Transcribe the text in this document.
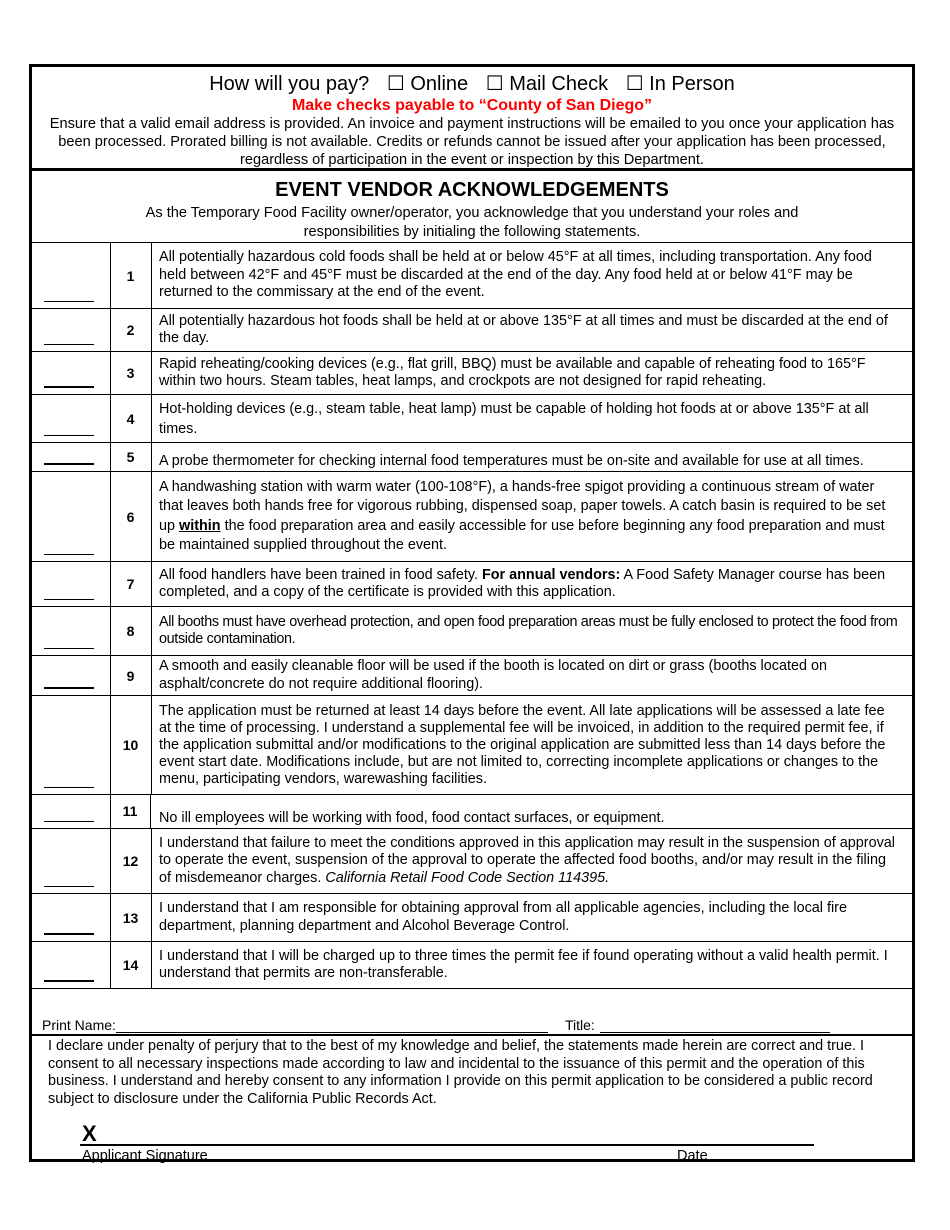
How will you pay? ☐ Online ☐ Mail Check ☐ In Person
Make checks payable to “County of San Diego”
Ensure that a valid email address is provided. An invoice and payment instructions will be emailed to you once your application has been processed. Prorated billing is not available. Credits or refunds cannot be issued after your application has been processed, regardless of participation in the event or inspection by this Department.
EVENT VENDOR ACKNOWLEDGEMENTS
As the Temporary Food Facility owner/operator, you acknowledge that you understand your roles and responsibilities by initialing the following statements.
1
All potentially hazardous cold foods shall be held at or below 45°F at all times, including transportation. Any food held between 42°F and 45°F must be discarded at the end of the day. Any food held at or below 41°F may be returned to the commissary at the end of the event.
2
All potentially hazardous hot foods shall be held at or above 135°F at all times and must be discarded at the end of the day.
3
Rapid reheating/cooking devices (e.g., flat grill, BBQ) must be available and capable of reheating food to 165°F within two hours. Steam tables, heat lamps, and crockpots are not designed for rapid reheating.
4
Hot-holding devices (e.g., steam table, heat lamp) must be capable of holding hot foods at or above 135°F at all times.
5	A probe thermometer for checking internal food temperatures must be on-site and available for use at all times.
6
A handwashing station with warm water (100-108°F), a hands-free spigot providing a continuous stream of water that leaves both hands free for vigorous rubbing, dispensed soap, paper towels. A catch basin is required to be set up within the food preparation area and easily accessible for use before beginning any food preparation and must be maintained supplied throughout the event.
7
All food handlers have been trained in food safety. For annual vendors: A Food Safety Manager course has been completed, and a copy of the certificate is provided with this application.
8
All booths must have overhead protection, and open food preparation areas must be fully enclosed to protect the food from outside contamination.
9
A smooth and easily cleanable floor will be used if the booth is located on dirt or grass (booths located on asphalt/concrete do not require additional flooring).
10
The application must be returned at least 14 days before the event. All late applications will be assessed a late fee at the time of processing. I understand a supplemental fee will be invoiced, in addition to the required permit fee, if the application submittal and/or modifications to the original application are submitted less than 14 days before the event start date. Modifications include, but are not limited to, correcting incomplete applications or changes to the menu, participating vendors, warewashing facilities.
11	No ill employees will be working with food, food contact surfaces, or equipment.
12
I understand that failure to meet the conditions approved in this application may result in the suspension of approval to operate the event, suspension of the approval to operate the affected food booths, and/or may result in the filing of misdemeanor charges. California Retail Food Code Section 114395.
13
I understand that I am responsible for obtaining approval from all applicable agencies, including the local fire department, planning department and Alcohol Beverage Control.
14
I understand that I will be charged up to three times the permit fee if found operating without a valid health permit. I understand that permits are non-transferable.
Print Name:	Title:
I declare under penalty of perjury that to the best of my knowledge and belief, the statements made herein are correct and true. I consent to all necessary inspections made according to law and incidental to the issuance of this permit and the operation of this business. I understand and hereby consent to any information I provide on this permit application to be considered a public record subject to disclosure under the California Public Records Act.
X
Applicant Signature	Date
